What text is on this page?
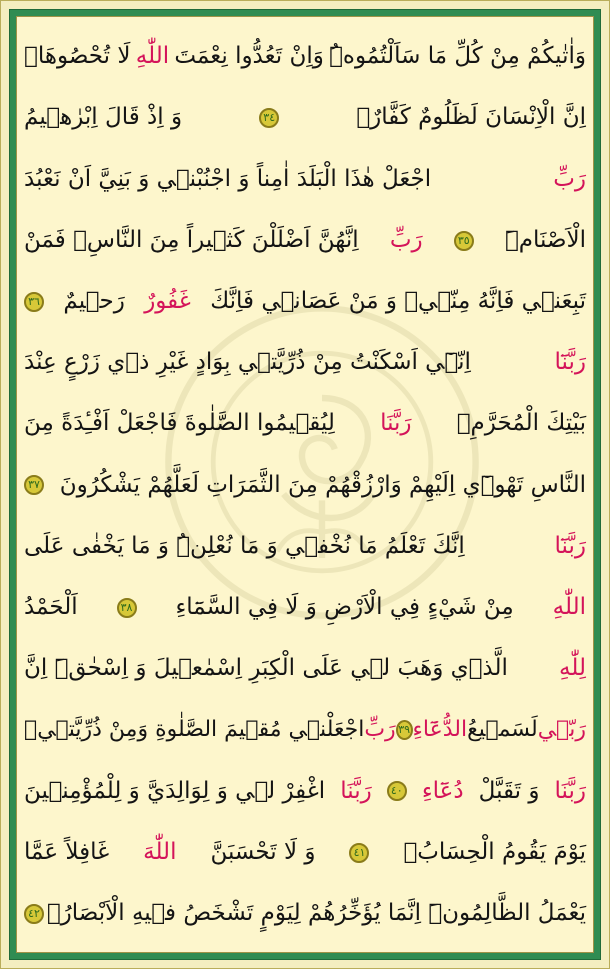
وَاٰتٰيكُمْ مِنْ كُلِّ مَا سَاَلْتُمُوهُۜ
وَاِنْ تَعُدُّوا نِعْمَتَ
اللّٰهِ
لَا تُحْصُوهَاۜ
اِنَّ الْاِنْسَانَ لَظَلُومٌ كَفَّارٌ۟
٣٤
وَ اِذْ قَالَ اِبْرٰهٖيمُ
رَبِّ
اجْعَلْ هٰذَا الْبَلَدَ اٰمِناً وَ اجْنُبْنٖي وَ بَنِيَّ اَنْ نَعْبُدَ
الْاَصْنَامَۜ
٣٥
رَبِّ
اِنَّهُنَّ اَضْلَلْنَ كَثٖيراً مِنَ النَّاسِۚ فَمَنْ
تَبِعَنٖي فَاِنَّهُ مِنّٖيۚ وَ مَنْ عَصَانٖي فَاِنَّكَ
غَفُورٌ
رَحٖيمٌ
٣٦
رَبَّنَٓا
اِنّٖٓي اَسْكَنْتُ مِنْ ذُرِّيَّتٖي بِوَادٍ غَيْرِ ذٖي زَرْعٍ عِنْدَ
بَيْتِكَ الْمُحَرَّمِۙ
رَبَّنَا
لِيُقٖيمُوا الصَّلٰوةَ فَاجْعَلْ اَفْـِٔدَةً مِنَ
النَّاسِ تَهْوٖٓي اِلَيْهِمْ وَارْزُقْهُمْ مِنَ الثَّمَرَاتِ لَعَلَّهُمْ يَشْكُرُونَ
٣٧
رَبَّنَٓا
اِنَّكَ تَعْلَمُ مَا نُخْفٖي وَ مَا نُعْلِنُۜ وَ مَا يَخْفٰى عَلَى
اللّٰهِ
مِنْ شَيْءٍ فِي الْاَرْضِ وَ لَا فِي السَّمَٓاءِ
٣٨
اَلْحَمْدُ
لِلّٰهِ
الَّذٖي وَهَبَ لٖي عَلَى الْكِبَرِ اِسْمٰعٖيلَ وَ اِسْحٰقَۜ اِنَّ
رَبّٖي
لَسَمٖيعُ
الدُّعَٓاءِ
٣٩
رَبِّ
اجْعَلْنٖي مُقٖيمَ الصَّلٰوةِ وَمِنْ ذُرِّيَّتٖيۗ
رَبَّنَا
وَ تَقَبَّلْ
دُعَٓاءِ
٤٠
رَبَّنَا
اغْفِرْ لٖي وَ لِوَالِدَيَّ وَ لِلْمُؤْمِنٖينَ
يَوْمَ يَقُومُ الْحِسَابُ۟
٤١
وَ لَا تَحْسَبَنَّ
اللّٰهَ
غَافِلاً عَمَّا
يَعْمَلُ الظَّالِمُونَۜ اِنَّمَا يُؤَخِّرُهُمْ لِيَوْمٍ تَشْخَصُ فٖيهِ الْاَبْصَارُۙ
٤٢
